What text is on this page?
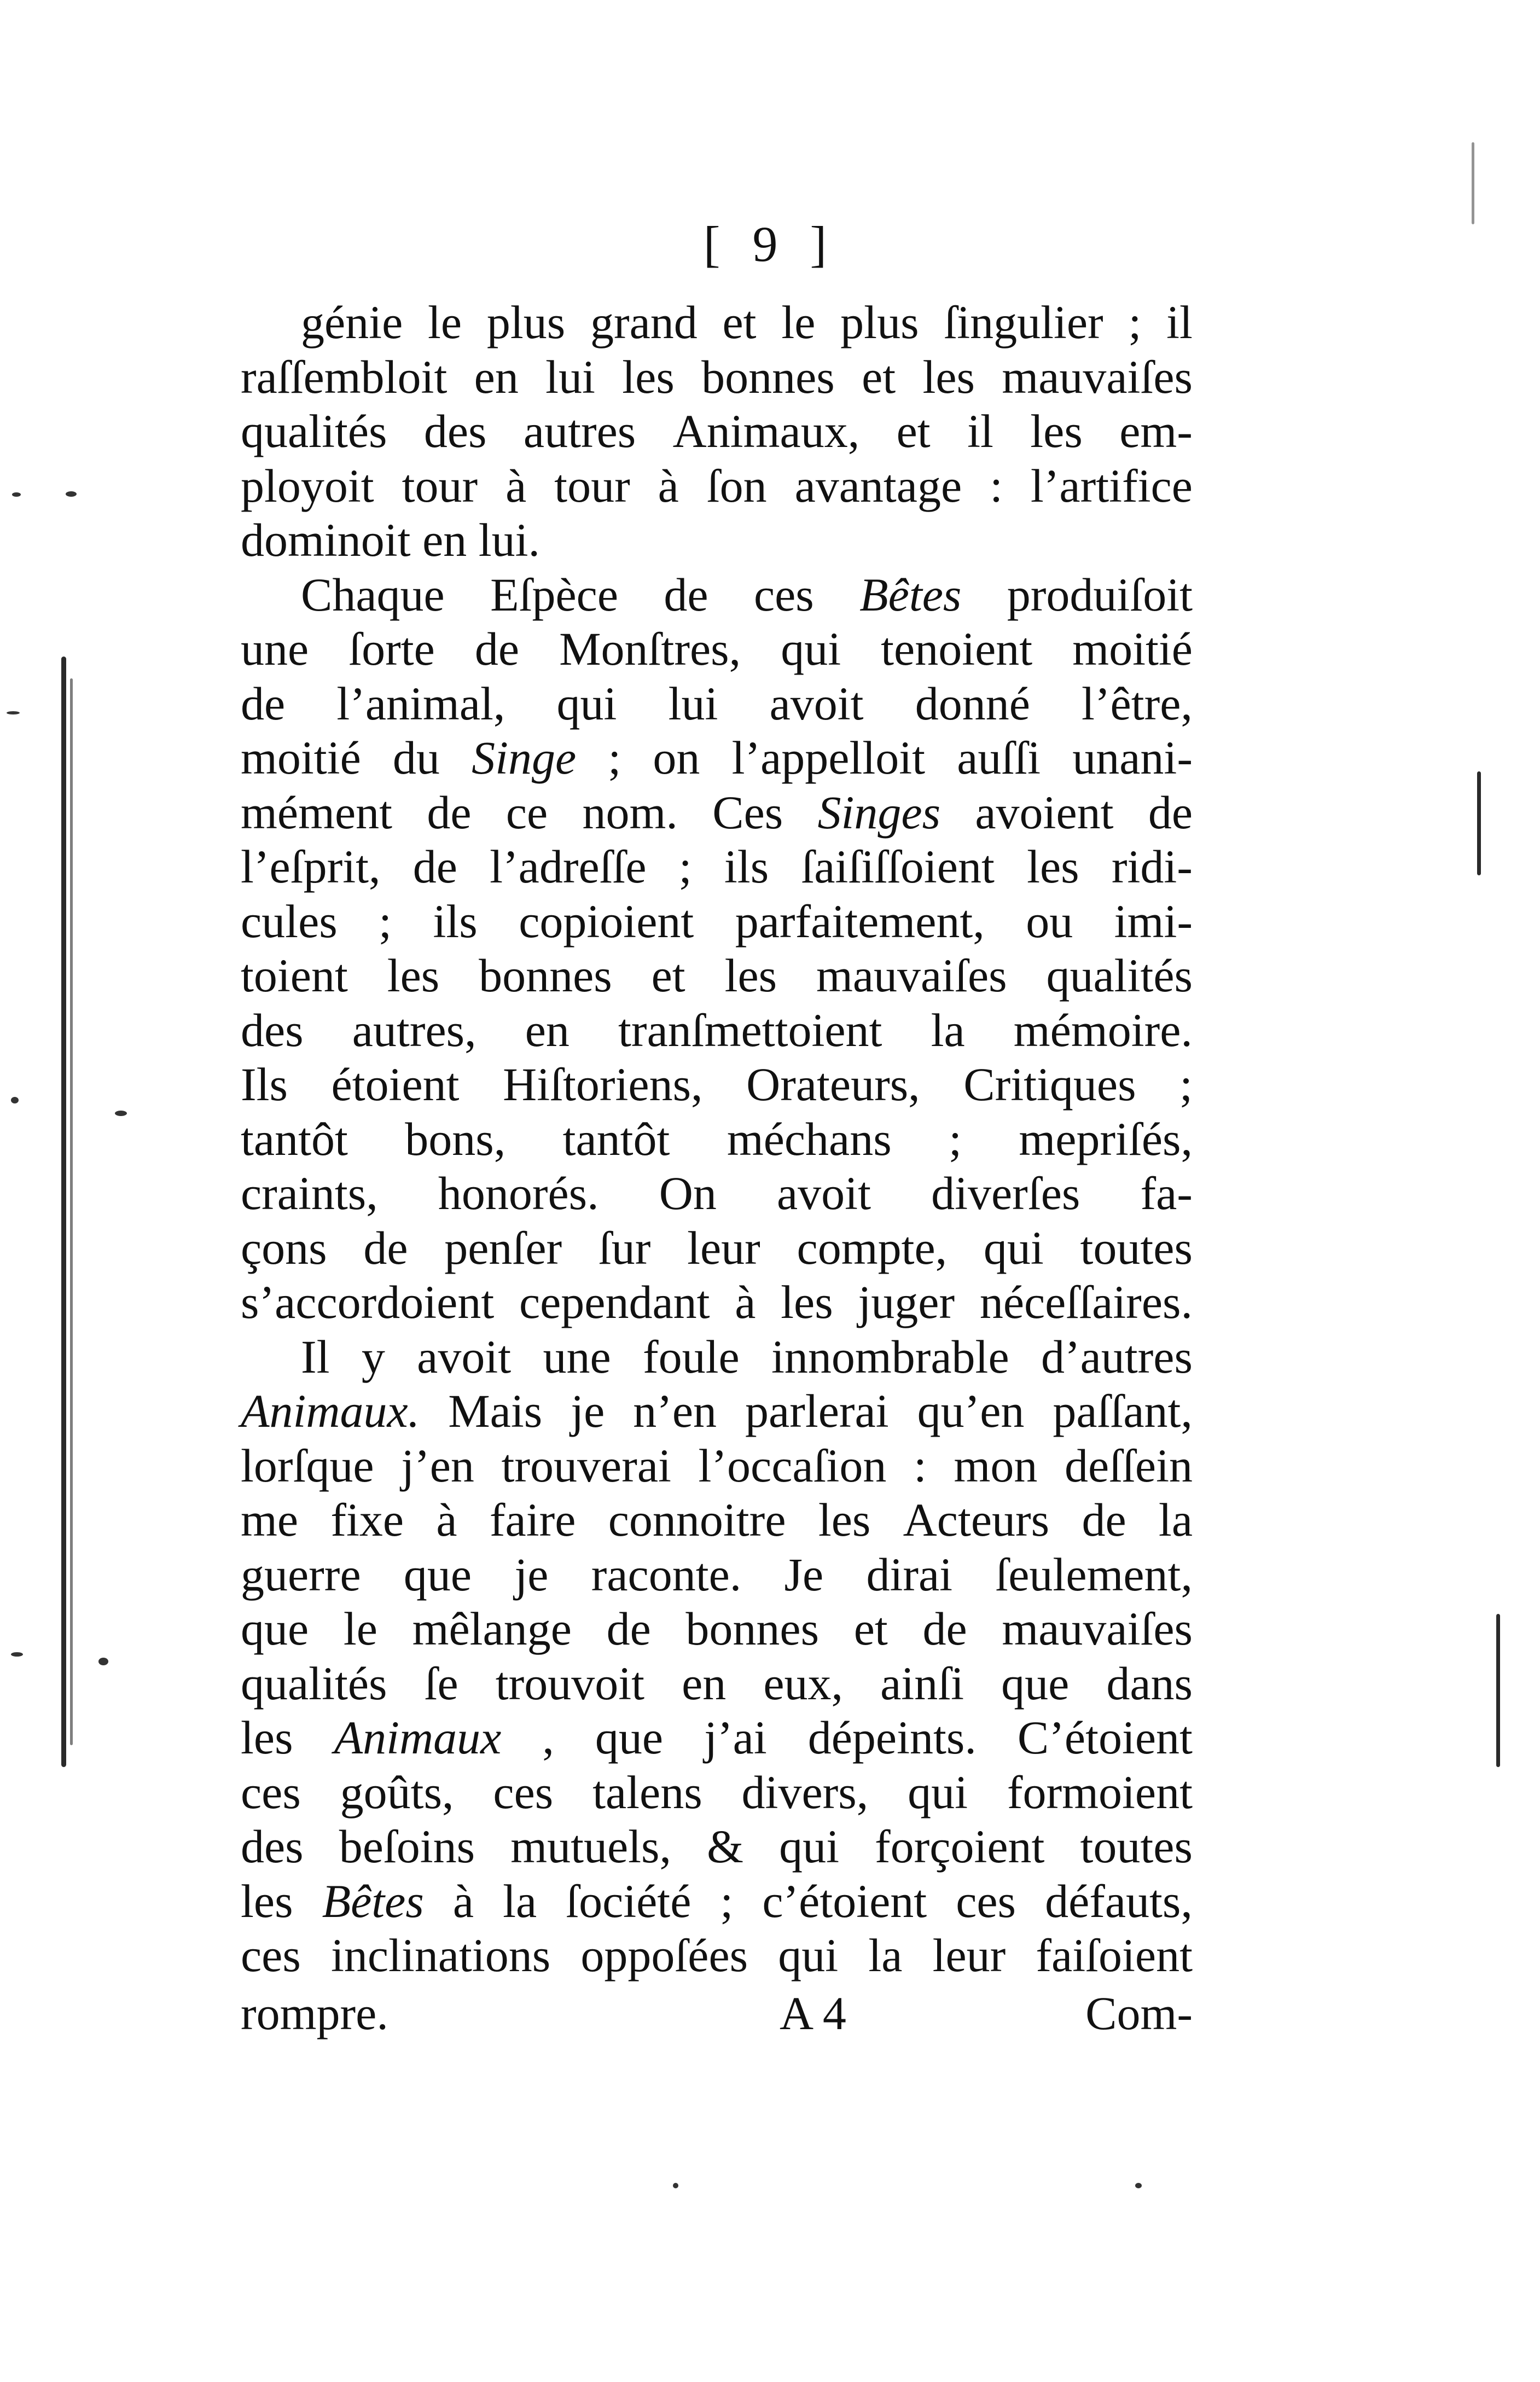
[ 9 ]
génie le plus grand et le plus ſingulier ; il
raſſembloit en lui les bonnes et les mauvaiſes
qualités des autres Animaux, et il les em-
ployoit tour à tour à ſon avantage : l’artifice
dominoit
en
lui.
Chaque Eſpèce de ces Bêtes produiſoit
une ſorte de Monſtres, qui tenoient moitié
de l’animal, qui lui avoit donné l’être,
moitié du Singe ; on l’appelloit auſſi unani-
mément de ce nom. Ces Singes avoient de
l’eſprit, de l’adreſſe ; ils ſaiſiſſoient les ridi-
cules ; ils copioient parfaitement, ou imi-
toient les bonnes et les mauvaiſes qualités
des autres, en tranſmettoient la mémoire.
Ils étoient Hiſtoriens, Orateurs, Critiques ;
tantôt bons, tantôt méchans ; mepriſés,
craints, honorés. On avoit diverſes fa-
çons de penſer ſur leur compte, qui toutes
s’accordoient cependant à les juger néceſſaires.
Il y avoit une foule innombrable d’autres
Animaux. Mais je n’en parlerai qu’en paſſant,
lorſque j’en trouverai l’occaſion : mon deſſein
me fixe à faire connoitre les Acteurs de la
guerre que je raconte. Je dirai ſeulement,
que le mêlange de bonnes et de mauvaiſes
qualités ſe trouvoit en eux, ainſi que dans
les Animaux , que j’ai dépeints. C’étoient
ces goûts, ces talens divers, qui formoient
des beſoins mutuels, & qui forçoient toutes
les Bêtes à la ſociété ; c’étoient ces défauts,
ces inclinations oppoſées qui la leur faiſoient
rompre.	A 4	Com-
